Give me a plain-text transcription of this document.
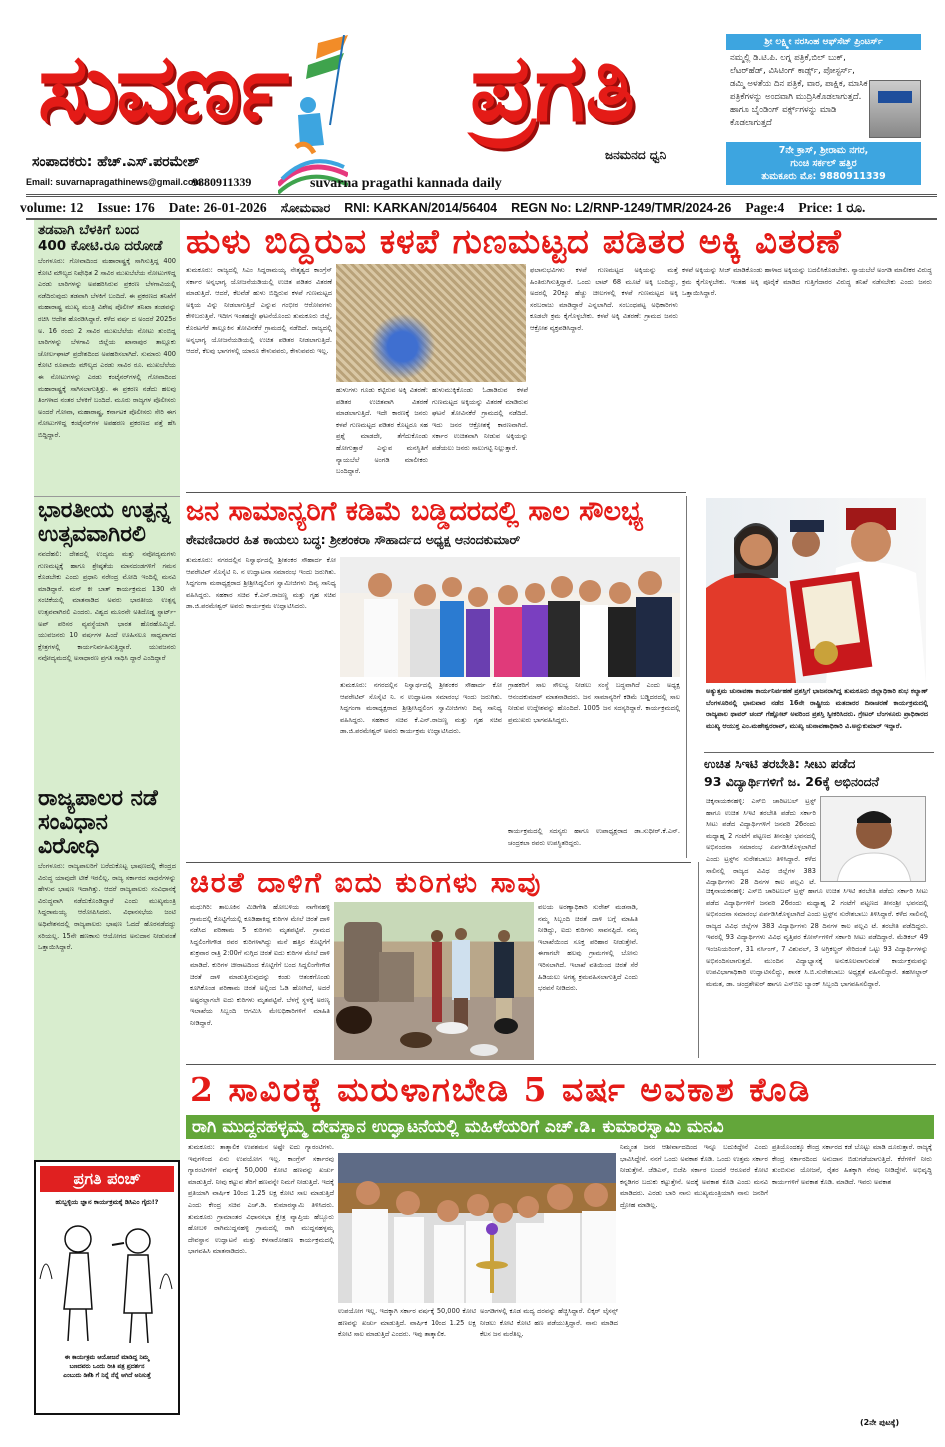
ಸುವರ್ಣ ಪ್ರಗತಿ
ಸಂಪಾದಕರು: ಹೆಚ್.ಎಸ್.ಪರಮೇಶ್	ಜನಮನದ ಧ್ವನಿ
Email: suvarnapragathinews@gmail.com
9880911339	suvarna pragathi kannada daily
ಶ್ರೀ ಲಕ್ಷ್ಮೀ ನರಸಿಂಹ ಆಫ್‌ಸೆಟ್ ಪ್ರಿಂಟರ್ಸ್
ನಮ್ಮಲ್ಲಿ ಡಿ.ಟಿ.ಪಿ. ಲಗ್ನ ಪತ್ರಿಕೆ,ಬಿಲ್ ಬುಕ್, ಲೆಟರ್‌ಹೆಡ್, ವಿಸಿಟಿಂಗ್ ಕಾರ್ಡ್ಸ್, ಪೋಸ್ಟರ್ಸ್, ಡಮ್ಮಿ ಅಳತೆಯ ದಿನ ಪತ್ರಿಕೆ, ವಾರ, ಪಾಕ್ಷಿಕ, ಮಾಸಿಕ ಪತ್ರಿಕೆಗಳನ್ನು ಅಂದವಾಗಿ ಮುದ್ರಿಸಿಕೊಡಲಾಗುತ್ತದೆ. ಹಾಗೂ ಬೈಂಡಿಂಗ್ ವರ್ಕ್ಸ್‌ಗಳನ್ನು ಮಾಡಿ ಕೊಡಲಾಗುತ್ತದೆ
7ನೇ ಕ್ರಾಸ್, ಶ್ರೀರಾಮ ನಗರ,
ಗುಂಚಿ ಸರ್ಕಲ್ ಹತ್ತಿರ
ತುಮಕೂರು ಮೊ: 9880911339
volume: 12 Issue: 176 Date: 26-01-2026 ಸೋಮವಾರ RNI: KARKAN/2014/56404 REGN No: L2/RNP-1249/TMR/2024-26 Page:4 Price: 1 ರೂ.
ತಡವಾಗಿ ಬೆಳಕಿಗೆ ಬಂದ
400 ಕೋಟಿ.ರೂ ದರೋಡೆ
ಬೆಂಗಳೂರು: ಗೋವಾದಿಂದ ಮಹಾರಾಷ್ಟ್ರಕ್ಕೆ ಸಾಗಿಸುತ್ತಿದ್ದ 400 ಕೋಟಿ ಮೌಲ್ಯದ ನಿಷೇಧಿತ 2 ಸಾವಿರ ಮುಖಬೆಲೆಯ ನೋಟುಗಳಿದ್ದ ಎರಡು ಲಾರಿಗಳನ್ನು ಅಪಹರಿಸಿರುವ ಪ್ರಕರಣ ಬೆಳಗಾವಿಯಲ್ಲಿ ನಡೆದಿರುವುದು ತಡವಾಗಿ ಬೆಳಕಿಗೆ ಬಂದಿದೆ. ಈ ಪ್ರಕರಣದ ತನಿಖೆಗೆ ಮಹಾರಾಷ್ಟ್ರ ಮುಖ್ಯ ಮಂತ್ರಿ ವಿಶೇಷ ಪೊಲೀಸ್ ತನಿಖಾ ತಂಡವನ್ನು ರಚಿಸಿ ಆದೇಶ ಹೊರಡಿಸಿದ್ದಾರೆ. ಕಳೆದ ವರ್ಷ ದ ಅಂದರೆ 2025ರ ಅ. 16 ರಂದು 2 ಸಾವಿರ ಮುಖಬೆಲೆಯ ನೋಟು ತುಂಬಿದ್ದ ಲಾರಿಗಳನ್ನು ಬೆಳಗಾವಿ ಜಿಲ್ಲೆಯ ಖಾನಾಪುರ ತಾಲ್ಲೂಕು ಚೋರ್ಲಘಾಟ್ ಪ್ರದೇಶದಿಂದ ಅಪಹರಿಸಲಾಗಿದೆ. ಸುಮಾರು 400 ಕೋಟಿ ರೂಪಾಯಿ ಮೌಲ್ಯದ ಎರಡು ಸಾವಿರ ರೂ. ಮುಖಬೆಲೆಯ ಈ ನೋಟುಗಳನ್ನು ಎರಡು ಕಂಟೈನರ್‌ಗಳಲ್ಲಿ ಗೋವಾದಿಂದ ಮಹಾರಾಷ್ಟ್ರಕ್ಕೆ ಸಾಗಿಸಲಾಗುತ್ತಿತ್ತು. ಈ ಪ್ರಕರಣ ನಡೆದು ಹಲವು ತಿಂಗಳಾದ ನಂತರ ಬೆಳಕಿಗೆ ಬಂದಿದೆ. ಮೂರು ರಾಜ್ಯಗಳ ಪೊಲೀಸರು ಅಂದರೆ ಗೋವಾ, ಮಹಾರಾಷ್ಟ್ರ, ಕರ್ನಾಟಕ ಪೊಲೀಸರು ಸೇರಿ ಈಗ ನೋಟುಗಳಿದ್ದ ಕಂಟೈನರ್‌ಗಳ ಅಪಹರಣ ಪ್ರಕರಣದ ಪತ್ತೆ ಹೆಸಿ ಬಿದ್ದಿದ್ದಾರೆ.
ಭಾರತೀಯ ಉತ್ಪನ್ನ
ಉತ್ಸವವಾಗಿರಲಿ
ನವದೆಹಲಿ: ದೇಶದಲ್ಲಿ ಉದ್ಯಮ ಮತ್ತು ನವೋದ್ಯಮಗಳು ಗುಣಮಟ್ಟಕ್ಕೆ ಹಾಗೂ ಶ್ರೇಷ್ಠತೆಯ ಮಾನದಂಡಗಳಿಗೆ ಗಮನ ಕೊಡಬೇಕು ಎಂದು ಪ್ರಧಾನಿ ನರೇಂದ್ರ ಮೋದಿ ಇಂದಿಲ್ಲಿ ಮನವಿ ಮಾಡಿದ್ದಾರೆ. ಮನ್ ಕೀ ಬಾತ್ ಕಾರ್ಯಕ್ರಮದ 130 ನೇ ಸಂಚಿಕೆಯಲ್ಲಿ ಮಾತನಾಡಿದ ಅವರು ಭಾರತೀಯ ಉತ್ಪನ್ನ ಉತ್ಸವವಾಗಿರಲಿ ಎಂದರು. ವಿಶ್ವದ ಮೂರನೇ ಅತಿದೊಡ್ಡ ಸ್ಟಾರ್ಟ್-ಅಪ್ ಪರಿಸರ ವ್ಯವಸ್ಥೆಯಾಗಿ ಭಾರತ ಹೊರಹೊಮ್ಮಿದೆ. ಯುವಜನರು 10 ವರ್ಷಗಳ ಹಿಂದೆ ಊಹಿಸಲೂ ಸಾಧ್ಯವಾಗದ ಕ್ಷೇತ್ರಗಳಲ್ಲಿ ಕಾರ್ಯನಿರ್ವಹಿಸುತ್ತಿದ್ದಾರೆ. ಯುವಜನರು ನವೋದ್ಯಮದಲ್ಲಿ ಅಸಾಧಾರಣ ಪ್ರಗತಿ ಸಾಧಿಸಿ ದ್ದಾರೆ ಎಂದಿದ್ದಾರೆ
ರಾಜ್ಯಪಾಲರ ನಡೆ
ಸಂವಿಧಾನ ವಿರೋಧಿ
ಬೆಂಗಳೂರು: ರಾಜ್ಯಪಾಲರಿಗೆ ಬರೆದುಕೊಟ್ಟ ಭಾಷಣದಲ್ಲಿ ಕೇಂದ್ರದ ವಿರುದ್ಧ ಯಾವುದೇ ಟೀಕೆ ಇರಲಿಲ್ಲ. ರಾಜ್ಯ ಸರ್ಕಾರದ ಸಾಧನೆಗಳನ್ನು ಹೇಳುವ ಭಾಷಣ ಇದಾಗಿತ್ತು. ಆದರೆ ರಾಜ್ಯಪಾಲರು ಸಂವಿಧಾನಕ್ಕೆ ವಿರುದ್ಧವಾಗಿ ನಡೆದುಕೊಂಡಿದ್ದಾರೆ ಎಂದು ಮುಖ್ಯಮಂತ್ರಿ ಸಿದ್ದರಾಮಯ್ಯ ಆರೋಪಿಸಿದರು. ವಿಧಾನಸಭೆಯ ಜಂಟಿ ಅಧಿವೇಶನದಲ್ಲಿ ರಾಜ್ಯಪಾಲರು ಭಾಷಣ ಓದದೆ ಹೊರನಡೆದದ್ದು ಸರಿಯಲ್ಲ. 15ನೇ ಹಣಕಾಸು ಆಯೋಗದ ಅನುದಾನ ನೀಡುವಂತೆ ಒತ್ತಾಯಿಸಿದ್ದಾರೆ.
ಪ್ರಗತಿ ಪಂಚ್
ಹುಬ್ಬಳ್ಳಿಯ ಜ್ಞಾನ ಕಾರ್ಯಕ್ರಮಕ್ಕೆ ಡಿಸಿಎಂ ಗೈರು!?
ಈ ಕಾರ್ಯಕ್ರಮ ಆಯೋಜನೆ ಮಾಡಿದ್ದ ನಿಮ್ಮ ಬಣದವರು ಒಂದು ರೀತಿ ಪತ್ರ ಪ್ರದರ್ಶನ ಎಂಬುದು ಡಿಕೆಶಿ ಗೆ ನಿನ್ನೆ ನೆನ್ನೆ ಆಗಿದೆ ಅನಿಸುತ್ತೆ
ಹುಳು ಬಿದ್ದಿರುವ ಕಳಪೆ ಗುಣಮಟ್ಟದ ಪಡಿತರ ಅಕ್ಕಿ ವಿತರಣೆ
ತುಮಕೂರು: ರಾಜ್ಯದಲ್ಲಿ ಸಿಎಂ ಸಿದ್ದರಾಮಯ್ಯ ನೇತೃತ್ವದ ಕಾಂಗ್ರೆಸ್ ಸರ್ಕಾರ ಅನ್ನಭಾಗ್ಯ ಯೋಜನೆಯಡಿಯಲ್ಲಿ ಉಚಿತ ಪಡಿತರ ವಿತರಣೆ ಮಾಡುತ್ತಿದೆ. ಆದರೆ, ಕೆಲವೆಡೆ ಹುಳು ಬಿದ್ದಿರುವ ಕಳಪೆ ಗುಣಮಟ್ಟದ ಅಕ್ಕಿಯ ವಿನ್ನು ನೀಡಲಾಗುತ್ತಿದೆ ಎನ್ನುವ ಗಂಭೀರ ಆರೋಪಗಳು ಕೇಳಿಬರುತ್ತಿವೆ. ಇದೀಗ ಇಂತಹದ್ದೇ ಘಟನೆಯೊಂದು ತುಮಕೂರು ಜಿಲ್ಲೆ, ಕೊರಟಗೆರೆ ತಾಲ್ಲೂಕಿನ ತೋವಿನಕೆರೆ ಗ್ರಾಮದಲ್ಲಿ ನಡೆದಿದೆ. ರಾಜ್ಯದಲ್ಲಿ ಅನ್ನಭಾಗ್ಯ ಯೋಜನೆಯಡಿಯಲ್ಲಿ ಉಚಿತ ಪಡಿತರ ನೀಡಲಾಗುತ್ತಿದೆ. ಆದರೆ, ಕೆಲವು ಭಾಗಗಳಲ್ಲಿ ಯಾರೂ ಕೇಳುವವರು, ಕೇಳುವವರು ಇಲ್ಲ.
ಹುಳುಗಳು ಗೂಡು ಕಟ್ಟಿರುವ ಅಕ್ಕಿ ವಿತರಣೆ: ಪಡಿತರ ಉಚಿತವಾಗಿ ವಿತರಣೆ ಮಾಡಲಾಗುತ್ತಿದೆ. ಇದೇ ಕಾರಣಕ್ಕೆ ಜನರು ಕಳಪೆ ಗುಣಮಟ್ಟದ ಪಡಿತರ ಕೊಟ್ಟರೂ ಸಹ ಪ್ರಶ್ನೆ ಮಾಡದೇ, ತೆಗೆದುಕೊಂಡು ಹೋಗುತ್ತಾರೆ ಎನ್ನುವ ಮನಸ್ಥಿತಿಗೆ ನ್ಯಾಯಬೆಲೆ ಅಂಗಡಿ ಮಾಲೀಕರು ಬಂದಿದ್ದಾರೆ.
ಹುಳುಮುಕ್ಕಿಕೊಂಡು ಓಡಾಡಿರುವ ಕಳಪೆ ಗುಣಮಟ್ಟದ ಅಕ್ಕಿಯನ್ನು ವಿತರಣೆ ಮಾಡಿರುವ ಘಟನೆ ತೋವಿನಕೆರೆ ಗ್ರಾಮದಲ್ಲಿ ನಡೆದಿದೆ. ಇದು ಜನರ ಆಕ್ರೋಶಕ್ಕೆ ಕಾರಣವಾಗಿದೆ. ಸರ್ಕಾರ ಉಚಿತವಾಗಿ ನೀಡುವ ಅಕ್ಕಿಯನ್ನು ಪಡೆಯಲು ಜನರು ಸಾಲುಗಟ್ಟಿ ನಿಲ್ಲುತ್ತಾರೆ.
ಫಲಾನುಭವಿಗಳು ಕಳಪೆ ಗುಣಮಟ್ಟದ ಅಕ್ಕಿಯನ್ನು ಮತ್ತೆ ಹಿಂತಿರುಗಿಸುತ್ತಿದ್ದಾರೆ. ಒಂದು ಲಾಟ್ 68 ಮೂಟೆ ಅಕ್ಕಿ ಬಂದಿದ್ದು, ಅದರಲ್ಲಿ 20ಕ್ಕೂ ಹೆಚ್ಚು ಚೀಲಗಳಲ್ಲಿ ಕಳಪೆ ಗುಣಮಟ್ಟದ ಅಕ್ಕಿ ಸರಬರಾಜು ಮಾಡಿದ್ದಾರೆ ಎನ್ನಲಾಗಿದೆ. ಸಂಬಂಧಪಟ್ಟ ಅಧಿಕಾರಿಗಳು ಕೂಡಲೇ ಕ್ರಮ ಕೈಗೊಳ್ಳಬೇಕು. ಕಳಪೆ ಅಕ್ಕಿ ವಿತರಣೆ: ಗ್ರಾಮದ ಜನರು ಆಕ್ರೋಶ ವ್ಯಕ್ತಪಡಿಸಿದ್ದಾರೆ.
ಕಳಪೆ ಅಕ್ಕಿಯನ್ನು ಸೀಜ್ ಮಾಡಿಕೊಂಡು ಹಾಳಾದ ಅಕ್ಕಿಯನ್ನು ಬದಲಿಸಿಕೊಡಬೇಕು. ನ್ಯಾಯಬೆಲೆ ಅಂಗಡಿ ಮಾಲೀಕರ ವಿರುದ್ಧ ಕ್ರಮ ಕೈಗೊಳ್ಳಬೇಕು. ಇಂತಹ ಅಕ್ಕಿ ಪೂರೈಕೆ ಮಾಡಿದ ಗುತ್ತಿಗೆದಾರರ ವಿರುದ್ಧ ತನಿಖೆ ನಡೆಸಬೇಕು ಎಂದು ಜನರು ಒತ್ತಾಯಿಸಿದ್ದಾರೆ.
ಜನ ಸಾಮಾನ್ಯರಿಗೆ ಕಡಿಮೆ ಬಡ್ಡಿದರದಲ್ಲಿ ಸಾಲ ಸೌಲಭ್ಯ
ಠೇವಣಿದಾರರ ಹಿತ ಕಾಯಲು ಬದ್ಧ: ಶ್ರೀಶಂಕರಾ ಸೌಹಾರ್ದದ ಅಧ್ಯಕ್ಷ ಆನಂದಕುಮಾರ್
ತುಮಕೂರು: ನಗರದಲ್ಲಿನ ನಿಸ್ವಾರ್ಥದಲ್ಲಿ ಶ್ರೀಶಂಕರ ಸೌಹಾರ್ದ ಕೋ ಆಪರೇಟಿವ್ ಸೊಸೈಟಿ ನಿ. ನ ಉದ್ಘಾಟನಾ ಸಮಾರಂಭ ಇಂದು ಜರುಗಿತು. ಸಿದ್ದಗಂಗಾ ಮಠಾಧ್ಯಕ್ಷರಾದ ಶ್ರೀಶ್ರೀಸಿದ್ದಲಿಂಗ ಸ್ವಾಮೀಜಿಗಳು ದಿವ್ಯ ಸಾನಿಧ್ಯ ವಹಿಸಿದ್ದರು. ಸಹಕಾರ ಸಚಿವ ಕೆ.ಎನ್.ರಾಜಣ್ಣ ಮತ್ತು ಗೃಹ ಸಚಿವ ಡಾ.ಜಿ.ಪರಮೇಶ್ವರ್ ಅವರು ಕಾರ್ಯಕ್ರಮ ಉದ್ಘಾಟಿಸಿದರು.
ತುಮಕೂರು: ನಗರದಲ್ಲಿನ ನಿಸ್ವಾರ್ಥದಲ್ಲಿ ಶ್ರೀಶಂಕರ ಸೌಹಾರ್ದ ಕೋ ಆಪರೇಟಿವ್ ಸೊಸೈಟಿ ನಿ. ನ ಉದ್ಘಾಟನಾ ಸಮಾರಂಭ ಇಂದು ಜರುಗಿತು. ಸಿದ್ದಗಂಗಾ ಮಠಾಧ್ಯಕ್ಷರಾದ ಶ್ರೀಶ್ರೀಸಿದ್ದಲಿಂಗ ಸ್ವಾಮೀಜಿಗಳು ದಿವ್ಯ ಸಾನಿಧ್ಯ ವಹಿಸಿದ್ದರು. ಸಹಕಾರ ಸಚಿವ ಕೆ.ಎನ್.ರಾಜಣ್ಣ ಮತ್ತು ಗೃಹ ಸಚಿವ ಡಾ.ಜಿ.ಪರಮೇಶ್ವರ್ ಅವರು ಕಾರ್ಯಕ್ರಮ ಉದ್ಘಾಟಿಸಿದರು.
ಗ್ರಾಹಕರಿಗೆ ಸಾಲ ಸೌಲಭ್ಯ ನೀಡಲು ಸಂಸ್ಥೆ ಬದ್ಧವಾಗಿದೆ ಎಂದು ಅಧ್ಯಕ್ಷ ಆನಂದಕುಮಾರ್ ಮಾತನಾಡಿದರು. ಜನ ಸಾಮಾನ್ಯರಿಗೆ ಕಡಿಮೆ ಬಡ್ಡಿದರದಲ್ಲಿ ಸಾಲ ನೀಡುವ ಉದ್ದೇಶವನ್ನು ಹೊಂದಿದೆ. 1005 ಜನ ಸದಸ್ಯರಿದ್ದಾರೆ. ಕಾರ್ಯಕ್ರಮದಲ್ಲಿ ಪ್ರಮುಖರು ಭಾಗವಹಿಸಿದ್ದರು.
ಕಾರ್ಯಕ್ರಮದಲ್ಲಿ ಸದಸ್ಯರು ಹಾಗೂ ಉಪಾಧ್ಯಕ್ಷರಾದ ಡಾ.ಸುಧೀರ್.ಕೆ.ಎನ್. ಚಂದ್ರಕಲಾ ರವರು ಉಪಸ್ಥಿತರಿದ್ದರು.
ಅತ್ಯುತ್ತಮ ಚುನಾವಣಾ ಕಾರ್ಯನಿರ್ವಹಣೆ ಪ್ರಶಸ್ತಿಗೆ ಭಾಜನರಾಗಿದ್ದ ತುಮಕೂರು ಜಿಲ್ಲಾಧಿಕಾರಿ ಶುಭ ಕಲ್ಯಾಣ್ ಬೆಂಗಳೂರಿನಲ್ಲಿ ಭಾನುವಾರ ನಡೆದ 16ನೇ ರಾಷ್ಟ್ರೀಯ ಮತದಾರರ ದಿನಾಚರಣೆ ಕಾರ್ಯಕ್ರಮದಲ್ಲಿ ರಾಜ್ಯಪಾಲ ಥಾವರ್ ಚಂದ್ ಗೆಹ್ಲೋಟ್ ಅವರಿಂದ ಪ್ರಶಸ್ತಿ ಸ್ವೀಕರಿಸಿದರು. ಗ್ರೇಟರ್ ಬೆಂಗಳೂರು ಪ್ರಾಧಿಕಾರದ ಮುಖ್ಯ ಆಯುಕ್ತ ಎಂ.ಮಹೇಶ್ವರರಾವ್, ಮುಖ್ಯ ಚುನಾವಣಾಧಿಕಾರಿ ವಿ.ಅನ್ಬುಕುಮಾರ್ ಇದ್ದಾರೆ.
ಉಚಿತ ಸಿಇಟಿ ತರಬೇತಿ: ಸೀಟು ಪಡೆದ
93 ವಿದ್ಯಾರ್ಥಿಗಳಿಗೆ ಜ. 26ಕ್ಕೆ ಅಭಿನಂದನೆ
ಚಿಕ್ಕನಾಯಕನಹಳ್ಳಿ: ಎಸ್‌ಬಿ ಚಾರಿಟಬಲ್ ಟ್ರಸ್ಟ್ ಹಾಗೂ ಉಚಿತ ಸಿಇಟಿ ತರಬೇತಿ ಪಡೆದು ಸರ್ಕಾರಿ ಸೀಟು ಪಡೆದ ವಿದ್ಯಾರ್ಥಿಗಳಿಗೆ ಜನವರಿ 26ರಂದು ಮಧ್ಯಾಹ್ನ 2 ಗಂಟೆಗೆ ಪಟ್ಟಣದ ತೀನಂಶ್ರೀ ಭವನದಲ್ಲಿ ಅಭಿನಂದನಾ ಸಮಾರಂಭ ಏರ್ಪಡಿಸಿಕೊಳ್ಳಲಾಗಿದೆ ಎಂದು ಟ್ರಸ್ಟ್‌ನ ಸುರೇಶಬಾಬು ತಿಳಿಸಿದ್ದಾರೆ. ಕಳೆದ ಸಾಲಿನಲ್ಲಿ ರಾಜ್ಯದ ವಿವಿಧ ಜಿಲ್ಲೆಗಳ 383 ವಿದ್ಯಾರ್ಥಿಗಳು 28 ದಿನಗಳ ಕಾಲ ಪಲ್ಲವಿ ಟೆ.
ಚಿಕ್ಕನಾಯಕನಹಳ್ಳಿ: ಎಸ್‌ಬಿ ಚಾರಿಟಬಲ್ ಟ್ರಸ್ಟ್ ಹಾಗೂ ಉಚಿತ ಸಿಇಟಿ ತರಬೇತಿ ಪಡೆದು ಸರ್ಕಾರಿ ಸೀಟು ಪಡೆದ ವಿದ್ಯಾರ್ಥಿಗಳಿಗೆ ಜನವರಿ 26ರಂದು ಮಧ್ಯಾಹ್ನ 2 ಗಂಟೆಗೆ ಪಟ್ಟಣದ ತೀನಂಶ್ರೀ ಭವನದಲ್ಲಿ ಅಭಿನಂದನಾ ಸಮಾರಂಭ ಏರ್ಪಡಿಸಿಕೊಳ್ಳಲಾಗಿದೆ ಎಂದು ಟ್ರಸ್ಟ್‌ನ ಸುರೇಶಬಾಬು ತಿಳಿಸಿದ್ದಾರೆ. ಕಳೆದ ಸಾಲಿನಲ್ಲಿ ರಾಜ್ಯದ ವಿವಿಧ ಜಿಲ್ಲೆಗಳ 383 ವಿದ್ಯಾರ್ಥಿಗಳು 28 ದಿನಗಳ ಕಾಲ ಪಲ್ಲವಿ ಟೆ. ತರಬೇತಿ ಪಡೆದಿದ್ದರು. ಇವರಲ್ಲಿ 93 ವಿದ್ಯಾರ್ಥಿಗಳು ವಿವಿಧ ವೃತ್ತಿಪರ ಕೋರ್ಸ್‌ಗಳಿಗೆ ಸರ್ಕಾರಿ ಸೀಟು ಪಡೆದಿದ್ದಾರೆ. ಮೆಡಿಕಲ್ 49 ಇಂಜನಿಯರಿಂಗ್, 31 ನರ್ಸಿಂಗ್, 7 ವಿಶುವಲ್, 3 ಅಗ್ರಿಕಲ್ಚರ್ ಸೇರಿದಂತೆ ಒಟ್ಟು 93 ವಿದ್ಯಾರ್ಥಿಗಳನ್ನು ಅಭಿನಂದಿಸಲಾಗುತ್ತದೆ. ಮುಂದಿನ ವಿದ್ಯಾಭ್ಯಾಸಕ್ಕೆ ಅನುಕೂಲವಾಗುವಂತೆ ಕಾರ್ಯಕ್ರಮವನ್ನು ಉಪವಿಭಾಗಾಧಿಕಾರಿ ಉದ್ಘಾಟಿಸಲಿದ್ದು, ಶಾಸಕ ಸಿ.ಬಿ.ಸುರೇಶಬಾಬು ಅಧ್ಯಕ್ಷತೆ ವಹಿಸಲಿದ್ದಾರೆ. ತಹಸೀಲ್ದಾರ್ ಮಮತ, ಡಾ. ಚಂದ್ರಶೇಖರ್ ಹಾಗೂ ಎಸ್‌ಬಿಐ ಬ್ಯಾಂಕ್ ಸಿಬ್ಬಂದಿ ಭಾಗವಹಿಸಲಿದ್ದಾರೆ.
ಚಿರತೆ ದಾಳಿಗೆ ಐದು ಕುರಿಗಳು ಸಾವು
ಮಧುಗಿರಿ: ತಾಲೂಕಿನ ಮಿಡಿಗೇಶಿ ಹೋಬಳಿಯ ನಾಗೇನಹಳ್ಳಿ ಗ್ರಾಮದಲ್ಲಿ ಕೊಟ್ಟಿಗೆಯಲ್ಲಿ ಕೂಡಿಹಾಕಿದ್ದ ಕುರಿಗಳ ಮೇಲೆ ಚಿರತೆ ದಾಳಿ ನಡೆಸಿದ ಪರಿಣಾಮ 5 ಕುರಿಗಳು ಮೃತಪಟ್ಟಿವೆ. ಗ್ರಾಮದ ಸಿದ್ದಲಿಂಗೇಗೌಡ ರವರ ಕುರಿಗಳಾಗಿದ್ದು ಮನೆ ಹತ್ತಿರ ಕೊಟ್ಟಿಗೆಗೆ ಶುಕ್ರವಾರ ರಾತ್ರಿ 2:00ಗೆ ನುಗ್ಗಿದ ಚಿರತೆ ಐದು ಕುರಿಗಳ ಮೇಲೆ ದಾಳಿ ಮಾಡಿದೆ. ಕುರಿಗಳ ಚೀರಾಟದಿಂದ ಕೊಟ್ಟಿಗೆಗೆ ಬಂದ ಸಿದ್ದಲಿಂಗೇಗೌಡ ಚಿರತೆ ದಾಳಿ ಮಾಡುತ್ತಿರುವುದನ್ನು ಕಂಡು ಆತಂಕಗೊಂಡು ಕೂಗಿಕೊಂಡ ಪರಿಣಾಮ ಚಿರತೆ ಅಲ್ಲಿಂದ ಓಡಿ ಹೋಗಿದೆ, ಅದರೆ ಅಷ್ಟರಲ್ಲಾಗಲೇ ಐದು ಕುರಿಗಳು ಮೃತಪಟ್ಟಿವೆ. ಬೆಳಗ್ಗೆ ಸ್ಥಳಕ್ಕೆ ಅರಣ್ಯ ಇಲಾಖೆಯ ಸಿಬ್ಬಂದಿ ಆಗಮಿಸಿ ಮೇಲಧಿಕಾರಿಗಳಿಗೆ ಮಾಹಿತಿ ನೀಡಿದ್ದಾರೆ.
ವಲಯ ಅರಣ್ಯಾಧಿಕಾರಿ ಸುರೇಶ್ ಮಡನಾಡಿ, ನಮ್ಮ ಸಿಬ್ಬಂದಿ ಚಿರತೆ ದಾಳಿ ಬಗ್ಗೆ ಮಾಹಿತಿ ನೀಡಿದ್ದು, ಐದು ಕುರಿಗಳು ಸಾವನಪ್ಪಿದೆ. ನಮ್ಮ ಇಲಾಖೆಯಿಂದ ಸೂಕ್ತ ಪರಿಹಾರ ನೀಡುತ್ತೇವೆ. ಈಗಾಗಲೇ ಹಲವು ಗ್ರಾಮಗಳಲ್ಲಿ ಬೋನು ಇರಿಸಲಾಗಿದೆ. ಇಲಾಖೆ ವತಿಯಿಂದ ಚಿರತೆ ಸೆರೆ ಹಿಡಿಯಲು ಅಗತ್ಯ ಕ್ರಮವಹಿಸಲಾಗುತ್ತಿದೆ ಎಂದು ಭರವಸೆ ನೀಡಿದರು.
2 ಸಾವಿರಕ್ಕೆ ಮರುಳಾಗಬೇಡಿ 5 ವರ್ಷ ಅವಕಾಶ ಕೊಡಿ
ರಾಗಿ ಮುದ್ದನಹಳ್ಳಮ್ಮ ದೇವಸ್ಥಾನ ಉದ್ಘಾಟನೆಯಲ್ಲಿ ಮಹಿಳೆಯರಿಗೆ ಎಚ್.ಡಿ. ಕುಮಾರಸ್ವಾಮಿ ಮನವಿ
ತುಮಕೂರು: ತಾತ್ಕಾಲಿಕ ಉಪಶಮನ ಅಷ್ಟೇ ಐದು ಗ್ಯಾರಂಟಿಗಳು. ಇವುಗಳಿಂದ ಏನು ಉಪಯೋಗ ಇಲ್ಲ. ಕಾಂಗ್ರೆಸ್ ಸರ್ಕಾರವು ಗ್ಯಾರಂಟಿಗಳಿಗೆ ವರ್ಷಕ್ಕೆ 50,000 ಕೋಟಿ ಹಣವನ್ನು ಖರ್ಚು ಮಾಡುತ್ತಿದೆ. ನೀವು ಕಟ್ಟುವ ತೆರಿಗೆ ಹಣವನ್ನೇ ನಿಮಗೆ ನೀಡುತ್ತಿದೆ. ಇದಕ್ಕೆ ಪ್ರತಿಯಾಗಿ ವಾರ್ಷಿಕ 10ಂದ 1.25 ಲಕ್ಷ ಕೋಟಿ ಸಾಲ ಮಾಡುತ್ತಿದೆ ಎಂದು ಕೇಂದ್ರ ಸಚಿವ ಎಚ್.ಡಿ. ಕುಮಾರಸ್ವಾಮಿ ತಿಳಿಸಿದರು. ತುಮಕೂರು ಗ್ರಾಮಾಂತರ ವಿಧಾನಸಭಾ ಕ್ಷೇತ್ರ ವ್ಯಾಪ್ತಿಯ ಹೆಬ್ಬೂರು ಹೋಬಳಿ ರಾಗಿಮುದ್ದನಹಳ್ಳಿ ಗ್ರಾಮದಲ್ಲಿ ರಾಗಿ ಮುದ್ದನಹಳ್ಳಮ್ಮ ದೇವಸ್ಥಾನ ಉದ್ಘಾಟನೆ ಮತ್ತು ಕಳಸಾರೋಹಣ ಕಾರ್ಯಕ್ರಮದಲ್ಲಿ ಭಾಗವಹಿಸಿ ಮಾತನಾಡಿದರು.
ಉಪಯೋಗ ಇಲ್ಲ. ಇದಕ್ಕಾಗಿ ಸರ್ಕಾರ ವರ್ಷಕ್ಕೆ 50,000 ಕೋಟಿ ಹಣವನ್ನು ಖರ್ಚು ಮಾಡುತ್ತಿದೆ. ವಾರ್ಷಿಕ 10ಂದ 1.25 ಲಕ್ಷ ಕೋಟಿ ಸಾಲ ಮಾಡುತ್ತಿದೆ ಎಂದರು. ಇವು ತಾತ್ಕಾಲಿಕ.
ಅಂಗಡಿಗಳಲ್ಲಿ ಕೂಡ ಮದ್ಯ ದರವನ್ನು ಹೆಚ್ಚಿಸಿದ್ದಾರೆ. ಲಿಕ್ಕರ್ ಲೈಸನ್ಸ್ ನೀಡಲು ಕೋಟಿ ಕೋಟಿ ಹಣ ಪಡೆಯುತ್ತಿದ್ದಾರೆ. ನಾನು ಮಾಡಿದ ಕೆಲಸ ಜನ ಮರೆತಿಲ್ಲ.
ನಿಮ್ಮಂತ ಜನರ ಆಶೀರ್ವಾದದಿಂದ ಇನ್ನೂ ಬದುಕಿದ್ದೇನೆ ಎಂದು ಭಾವಿಸಿದ್ದೇನೆ. ನನಗೆ ಒಂದು ಅವಕಾಶ ಕೊಡಿ. ಒಂದು ಉತ್ತಮ ಸರ್ಕಾರ ನೀಡುತ್ತೇನೆ. ಜೆಡಿಎಸ್, ಬಿಜೆಪಿ ಸರ್ಕಾರ ಬಂದರೆ ಆರೂವರೆ ಕೋಟಿ ಕನ್ನಡಿಗರ ಬದುಕು ಕಟ್ಟುತ್ತೇನೆ. ಅದಕ್ಕೆ ಅವಕಾಶ ಕೊಡಿ ಎಂದು ಮನವಿ ಮಾಡಿದರು. ಎರಡು ಬಾರಿ ನಾನು ಮುಖ್ಯಮಂತ್ರಿಯಾಗಿ ನಾನು ಜನರಿಗೆ ದ್ರೋಹ ಮಾಡಿಲ್ಲ.
ಪ್ರತಿಯೊಂದಕ್ಕೂ ಕೇಂದ್ರ ಸರ್ಕಾರದ ಕಡೆ ಬೊಟ್ಟು ಮಾಡಿ ದೂರುತ್ತಾರೆ. ರಾಜ್ಯಕ್ಕೆ ಕೇಂದ್ರ ಸರ್ಕಾರದಿಂದ ಅನುದಾನ ಬಿಡುಗಡೆಯಾಗುತ್ತಿದೆ. ಕೆರೆಗಳಿಗೆ ನೀರು ತುಂಬಿಸುವ ಯೋಜನೆ, ರೈತರ ಹಿತಕ್ಕಾಗಿ ನೆರವು ನೀಡಿದ್ದೇನೆ. ಅಭಿವೃದ್ಧಿ ಕಾರ್ಯಗಳಿಗೆ ಅವಕಾಶ ಕೊಡಿ. ಮಾಡಿದೆ. ಇವರು ಅವಕಾಶ
(2ನೇ ಪುಟಕ್ಕೆ)
